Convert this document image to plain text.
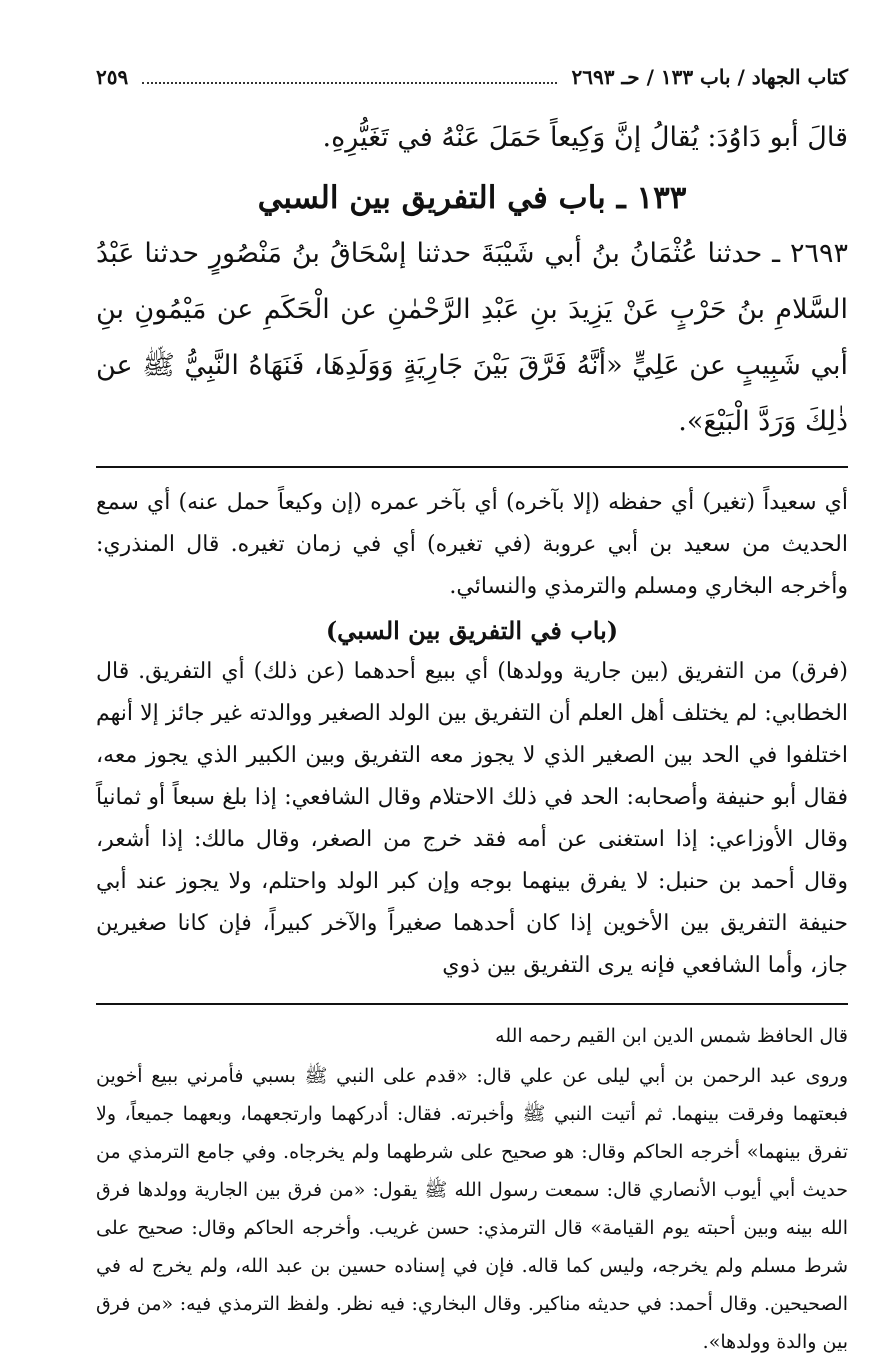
كتاب الجهاد / باب ١٣٣ / حـ ٢٦٩٣
٢٥٩

قالَ أبو دَاوُدَ: يُقالُ إنَّ وَكِيعاً حَمَلَ عَنْهُ في تَغَيُّرِهِ.

١٣٣ ـ باب في التفريق بين السبي

٢٦٩٣ ـ حدثنا عُثْمَانُ بنُ أبي شَيْبَةَ حدثنا إسْحَاقُ بنُ مَنْصُورٍ حدثنا عَبْدُ السَّلامِ بنُ حَرْبٍ عَنْ يَزِيدَ بنِ عَبْدِ الرَّحْمٰنِ عن الْحَكَمِ عن مَيْمُونِ بنِ أبي شَبِيبٍ عن عَلِيٍّ «أنَّهُ فَرَّقَ بَيْنَ جَارِيَةٍ وَوَلَدِهَا، فَنَهَاهُ النَّبِيُّ ﷺ عن ذٰلِكَ وَرَدَّ الْبَيْعَ».

أي سعيداً (تغير) أي حفظه (إلا بآخره) أي بآخر عمره (إن وكيعاً حمل عنه) أي سمع الحديث من سعيد بن أبي عروبة (في تغيره) أي في زمان تغيره. قال المنذري: وأخرجه البخاري ومسلم والترمذي والنسائي.

(باب في التفريق بين السبي)

(فرق) من التفريق (بين جارية وولدها) أي ببيع أحدهما (عن ذلك) أي التفريق. قال الخطابي: لم يختلف أهل العلم أن التفريق بين الولد الصغير ووالدته غير جائز إلا أنهم اختلفوا في الحد بين الصغير الذي لا يجوز معه التفريق وبين الكبير الذي يجوز معه، فقال أبو حنيفة وأصحابه: الحد في ذلك الاحتلام وقال الشافعي: إذا بلغ سبعاً أو ثمانياً وقال الأوزاعي: إذا استغنى عن أمه فقد خرج من الصغر، وقال مالك: إذا أشعر، وقال أحمد بن حنبل: لا يفرق بينهما بوجه وإن كبر الولد واحتلم، ولا يجوز عند أبي حنيفة التفريق بين الأخوين إذا كان أحدهما صغيراً والآخر كبيراً، فإن كانا صغيرين جاز، وأما الشافعي فإنه يرى التفريق بين ذوي

قال الحافظ شمس الدين ابن القيم رحمه الله

وروى عبد الرحمن بن أبي ليلى عن علي قال: «قدم على النبي ﷺ بسبي فأمرني ببيع أخوين فبعتهما وفرقت بينهما. ثم أتيت النبي ﷺ وأخبرته. فقال: أدركهما وارتجعهما، وبعهما جميعاً، ولا تفرق بينهما» أخرجه الحاكم وقال: هو صحيح على شرطهما ولم يخرجاه. وفي جامع الترمذي من حديث أبي أيوب الأنصاري قال: سمعت رسول الله ﷺ يقول: «من فرق بين الجارية وولدها فرق الله بينه وبين أحبته يوم القيامة» قال الترمذي: حسن غريب. وأخرجه الحاكم وقال: صحيح على شرط مسلم ولم يخرجه، وليس كما قاله. فإن في إسناده حسين بن عبد الله، ولم يخرج له في الصحيحين. وقال أحمد: في حديثه مناكير. وقال البخاري: فيه نظر. ولفظ الترمذي فيه: «من فرق بين والدة وولدها».
